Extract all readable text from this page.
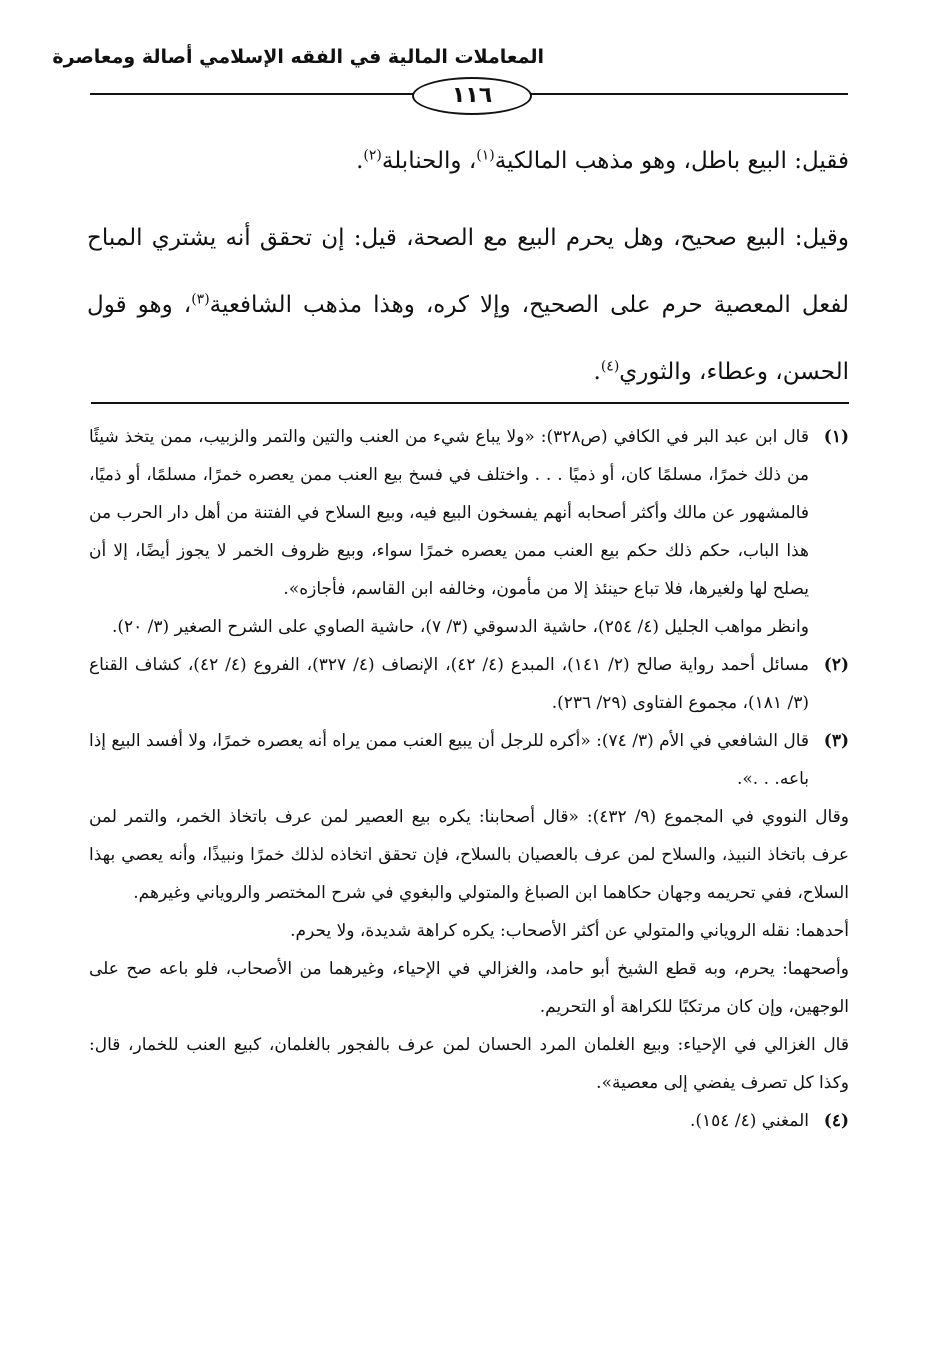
المعاملات المالية في الفقه الإسلامي أصالة ومعاصرة
١١٦

فقيل: البيع باطل، وهو مذهب المالكية$^{(١)}$، والحنابلة$^{(٢)}$.

وقيل: البيع صحيح، وهل يحرم البيع مع الصحة، قيل: إن تحقق أنه يشتري المباح لفعل المعصية حرم على الصحيح، وإلا كره، وهذا مذهب الشافعية$^{(٣)}$، وهو قول الحسن، وعطاء، والثوري$^{(٤)}$.

(١)

قال ابن عبد البر في الكافي (ص٣٢٨): «ولا يباع شيء من العنب والتين والتمر والزبيب، ممن يتخذ شيئًا من ذلك خمرًا، مسلمًا كان، أو ذميًا . . . واختلف في فسخ بيع العنب ممن يعصره خمرًا، مسلمًا، أو ذميًا، فالمشهور عن مالك وأكثر أصحابه أنهم يفسخون البيع فيه، وبيع السلاح في الفتنة من أهل دار الحرب من هذا الباب، حكم ذلك حكم بيع العنب ممن يعصره خمرًا سواء، وبيع ظروف الخمر لا يجوز أيضًا، إلا أن يصلح لها ولغيرها، فلا تباع حينئذ إلا من مأمون، وخالفه ابن القاسم، فأجازه».

وانظر مواهب الجليل (٤/ ٢٥٤)، حاشية الدسوقي (٣/ ٧)، حاشية الصاوي على الشرح الصغير (٣/ ٢٠).

(٢)

مسائل أحمد رواية صالح (٢/ ١٤١)، المبدع (٤/ ٤٢)، الإنصاف (٤/ ٣٢٧)، الفروع (٤/ ٤٢)، كشاف القناع (٣/ ١٨١)، مجموع الفتاوى (٢٩/ ٢٣٦).

(٣)

قال الشافعي في الأم (٣/ ٧٤): «أكره للرجل أن يبيع العنب ممن يراه أنه يعصره خمرًا، ولا أفسد البيع إذا باعه. . .».

وقال النووي في المجموع (٩/ ٤٣٢): «قال أصحابنا: يكره بيع العصير لمن عرف باتخاذ الخمر، والتمر لمن عرف باتخاذ النبيذ، والسلاح لمن عرف بالعصيان بالسلاح، فإن تحقق اتخاذه لذلك خمرًا ونبيذًا، وأنه يعصي بهذا السلاح، ففي تحريمه وجهان حكاهما ابن الصباغ والمتولي والبغوي في شرح المختصر والروياني وغيرهم.

أحدهما: نقله الروياني والمتولي عن أكثر الأصحاب: يكره كراهة شديدة، ولا يحرم.

وأصحهما: يحرم، وبه قطع الشيخ أبو حامد، والغزالي في الإحياء، وغيرهما من الأصحاب، فلو باعه صح على الوجهين، وإن كان مرتكبًا للكراهة أو التحريم.

قال الغزالي في الإحياء: وبيع الغلمان المرد الحسان لمن عرف بالفجور بالغلمان، كبيع العنب للخمار، قال: وكذا كل تصرف يفضي إلى معصية».

(٤)

المغني (٤/ ١٥٤).
